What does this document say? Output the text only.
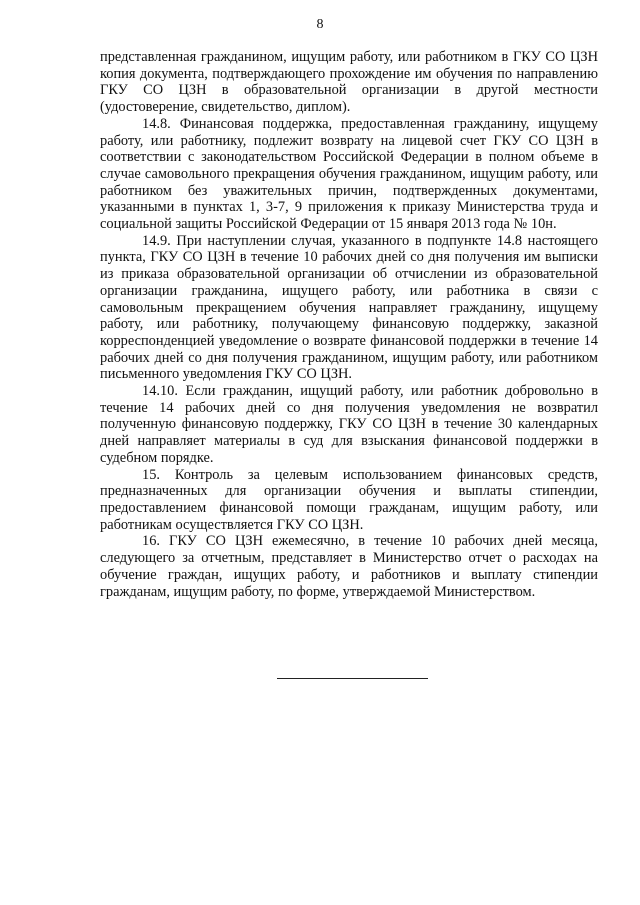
8

представленная гражданином, ищущим работу, или работником в ГКУ СО ЦЗН копия документа, подтверждающего прохождение им обучения по направлению ГКУ СО ЦЗН в образовательной организации в другой местности (удостоверение, свидетельство, диплом).

14.8. Финансовая поддержка, предоставленная гражданину, ищущему работу, или работнику, подлежит возврату на лицевой счет ГКУ СО ЦЗН в соответствии с законодательством Российской Федерации в полном объеме в случае самовольного прекращения обучения гражданином, ищущим работу, или работником без уважительных причин, подтвержденных документами, указанными в пунктах 1, 3-7, 9 приложения к приказу Министерства труда и социальной защиты Российской Федерации от 15 января 2013 года № 10н.

14.9. При наступлении случая, указанного в подпункте 14.8 настоящего пункта, ГКУ СО ЦЗН в течение 10 рабочих дней со дня получения им выписки из приказа образовательной организации об отчислении из образовательной организации гражданина, ищущего работу, или работника в связи с самовольным прекращением обучения направляет гражданину, ищущему работу, или работнику, получающему финансовую поддержку, заказной корреспонденцией уведомление о возврате финансовой поддержки в течение 14 рабочих дней со дня получения гражданином, ищущим работу, или работником письменного уведомления ГКУ СО ЦЗН.

14.10. Если гражданин, ищущий работу, или работник добровольно в течение 14 рабочих дней со дня получения уведомления не возвратил полученную финансовую поддержку, ГКУ СО ЦЗН в течение 30 календарных дней направляет материалы в суд для взыскания финансовой поддержки в судебном порядке.

15. Контроль за целевым использованием финансовых средств, предназначенных для организации обучения и выплаты стипендии, предоставлением финансовой помощи гражданам, ищущим работу, или работникам осуществляется ГКУ СО ЦЗН.

16. ГКУ СО ЦЗН ежемесячно, в течение 10 рабочих дней месяца, следующего за отчетным, представляет в Министерство отчет о расходах на обучение граждан, ищущих работу, и работников и выплату стипендии гражданам, ищущим работу, по форме, утверждаемой Министерством.
